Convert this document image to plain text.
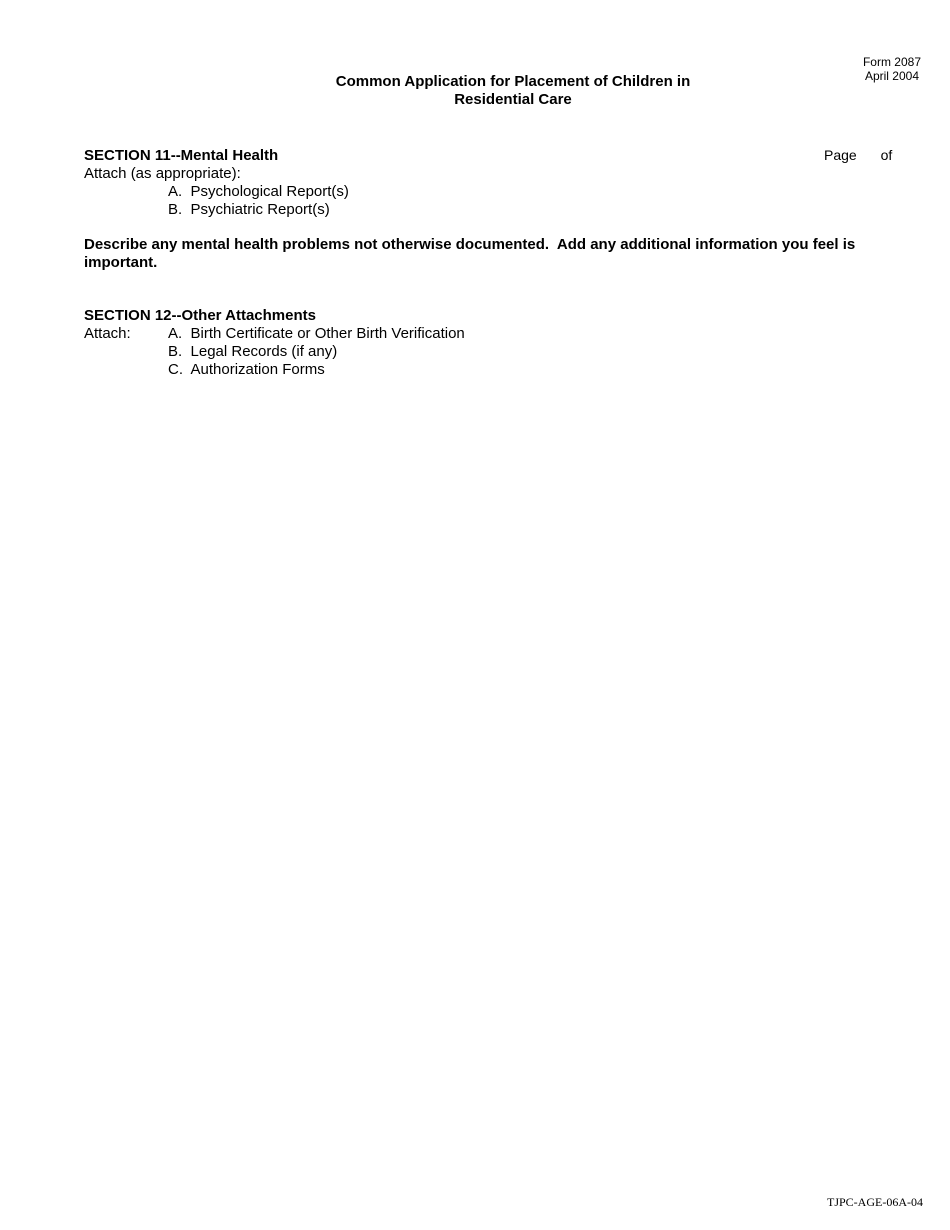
Form 2087
April 2004
Common Application for Placement of Children in
Residential Care
Page of
SECTION 11--Mental Health
Attach (as appropriate):
A.  Psychological Report(s)
B.  Psychiatric Report(s)
Describe any mental health problems not otherwise documented.  Add any additional information you feel is important.
SECTION 12--Other Attachments
Attach:	A.  Birth Certificate or Other Birth Verification
B.  Legal Records (if any)
C.  Authorization Forms
TJPC-AGE-06A-04
